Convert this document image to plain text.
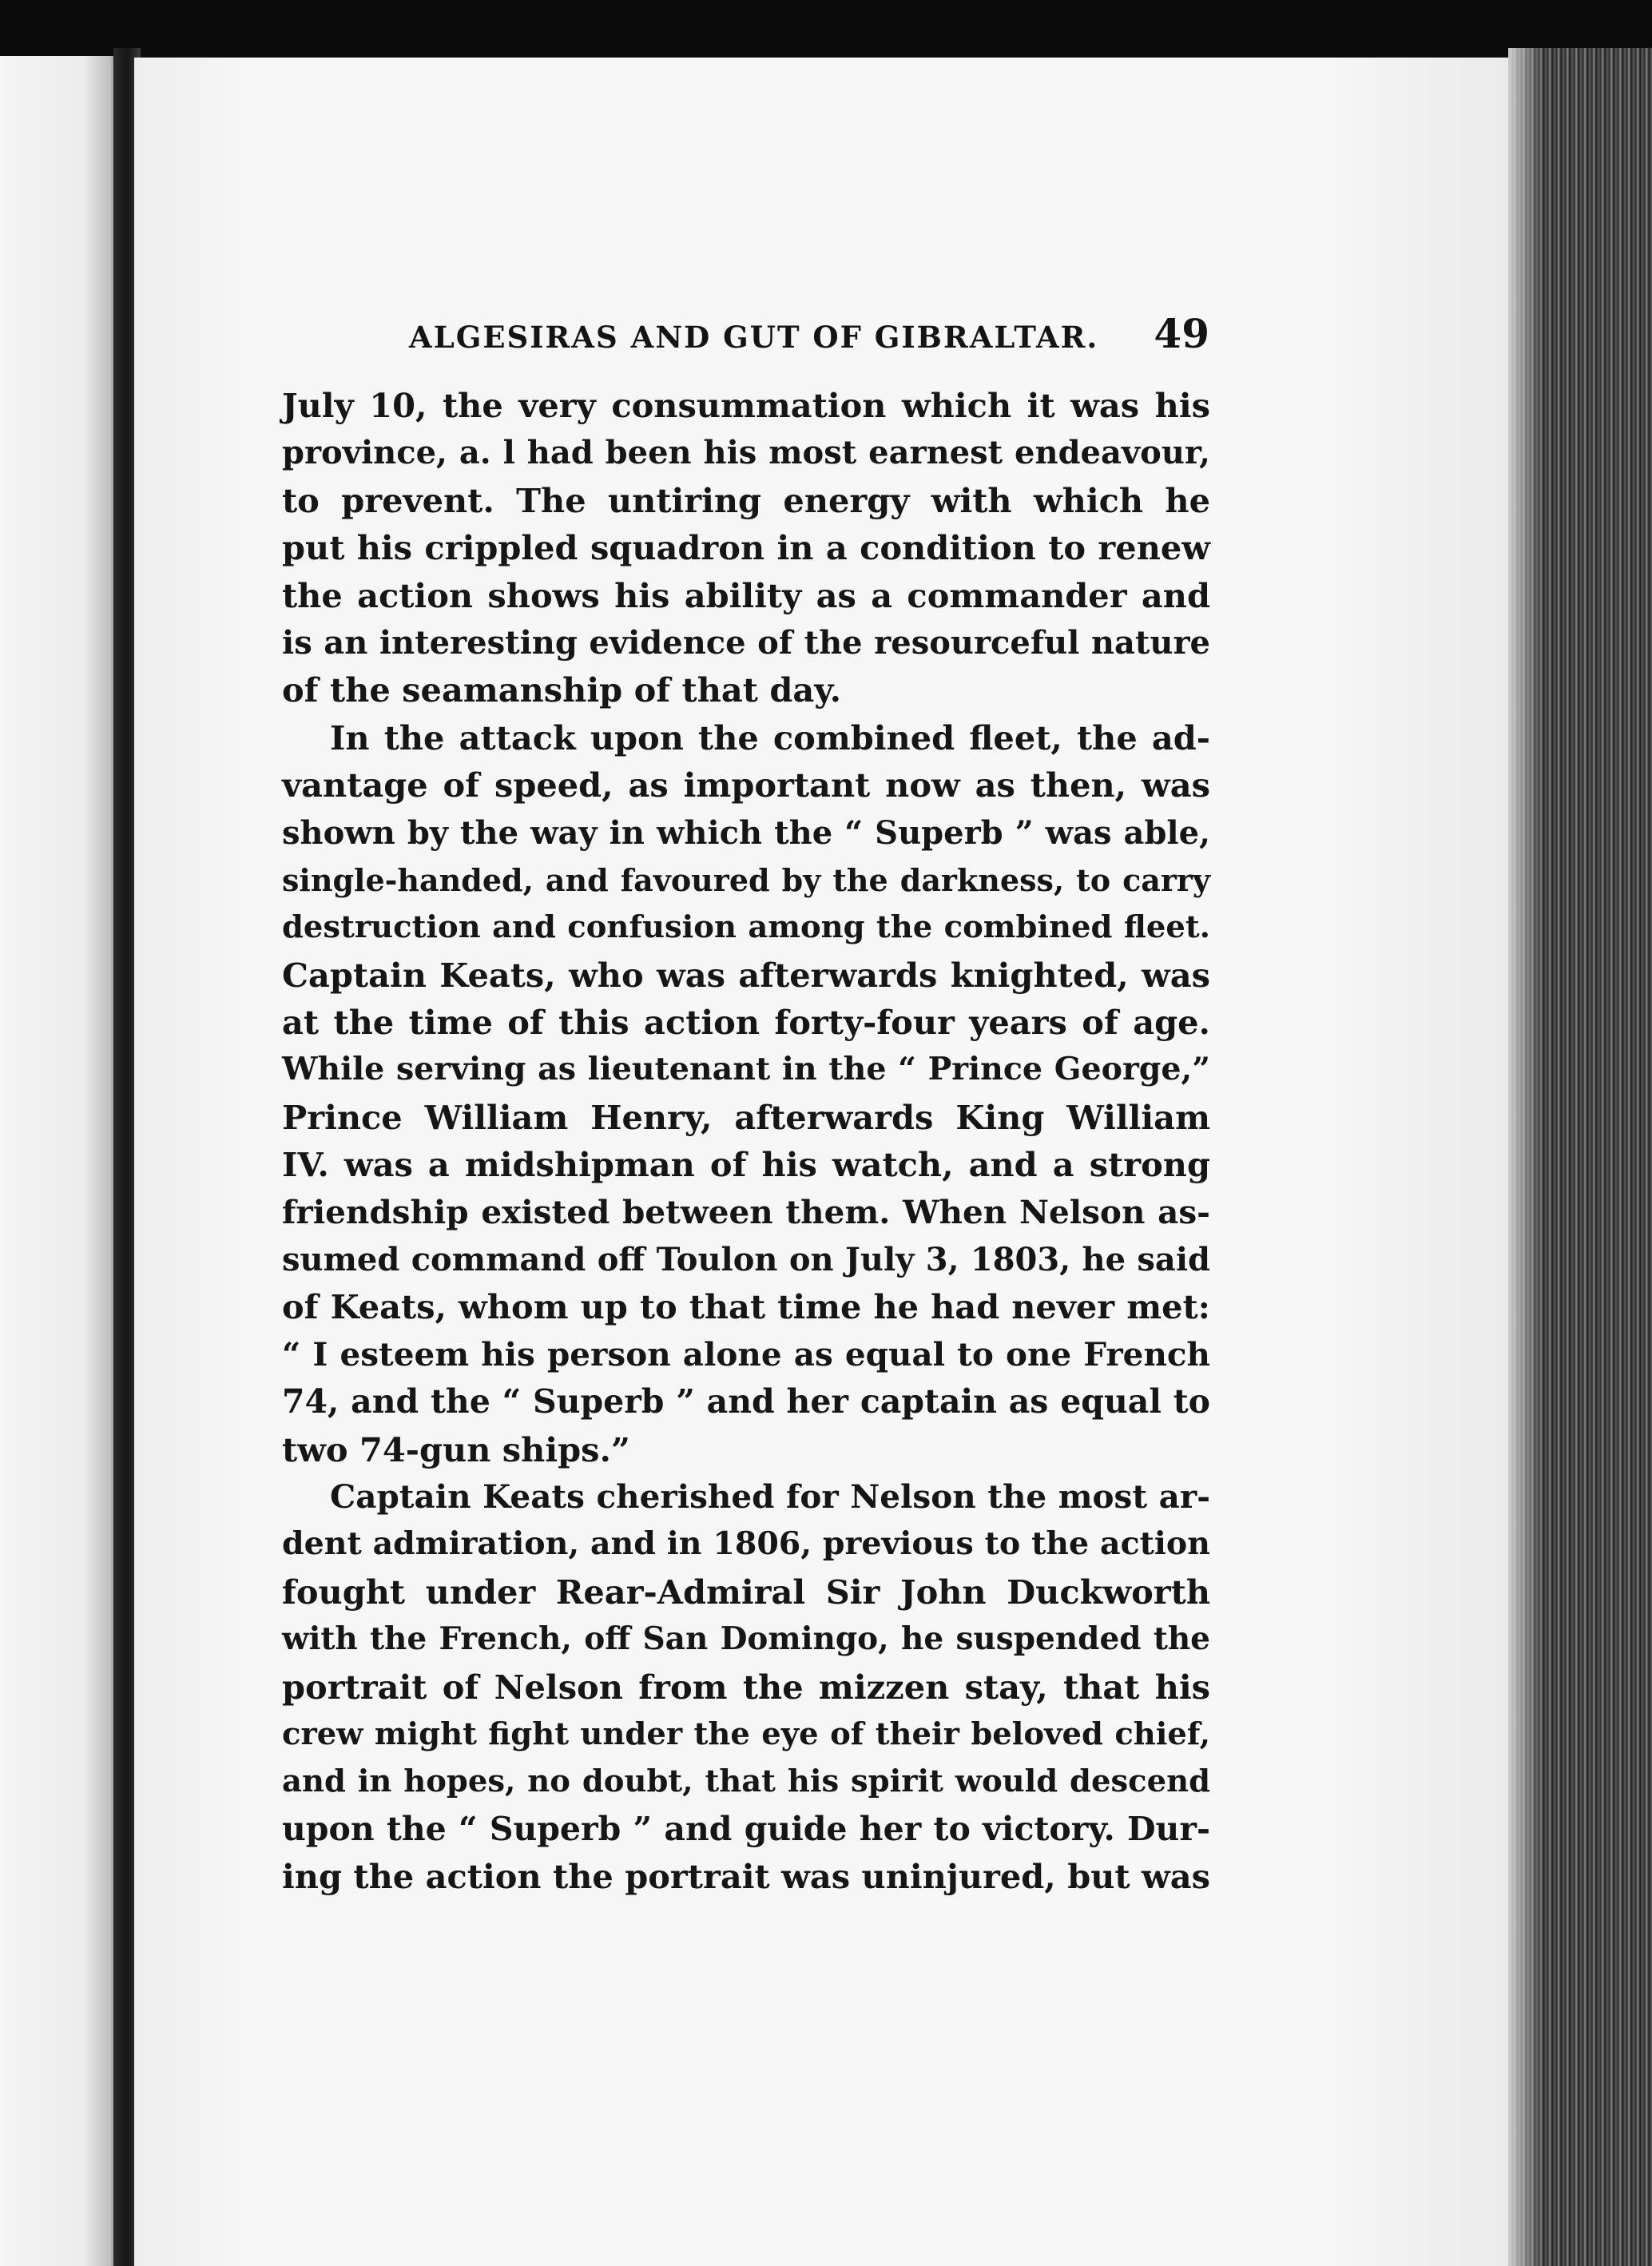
ALGESIRAS AND GUT OF GIBRALTAR. 49
July 10, the very consummation which it was his
province, a. l had been his most earnest endeavour,
to prevent. The untiring energy with which he
put his crippled squadron in a condition to renew
the action shows his ability as a commander and
is an interesting evidence of the resourceful nature
of the seamanship of that day.
In the attack upon the combined fleet, the ad-
vantage of speed, as important now as then, was
shown by the way in which the “ Superb ” was able,
single-handed, and favoured by the darkness, to carry
destruction and confusion among the combined fleet.
Captain Keats, who was afterwards knighted, was
at the time of this action forty-four years of age.
While serving as lieutenant in the “ Prince George,”
Prince William Henry, afterwards King William
IV. was a midshipman of his watch, and a strong
friendship existed between them. When Nelson as-
sumed command off Toulon on July 3, 1803, he said
of Keats, whom up to that time he had never met:
“ I esteem his person alone as equal to one French
74, and the “ Superb ” and her captain as equal to
two 74-gun ships.”
Captain Keats cherished for Nelson the most ar-
dent admiration, and in 1806, previous to the action
fought under Rear-Admiral Sir John Duckworth
with the French, off San Domingo, he suspended the
portrait of Nelson from the mizzen stay, that his
crew might fight under the eye of their beloved chief,
and in hopes, no doubt, that his spirit would descend
upon the “ Superb ” and guide her to victory. Dur-
ing the action the portrait was uninjured, but was
